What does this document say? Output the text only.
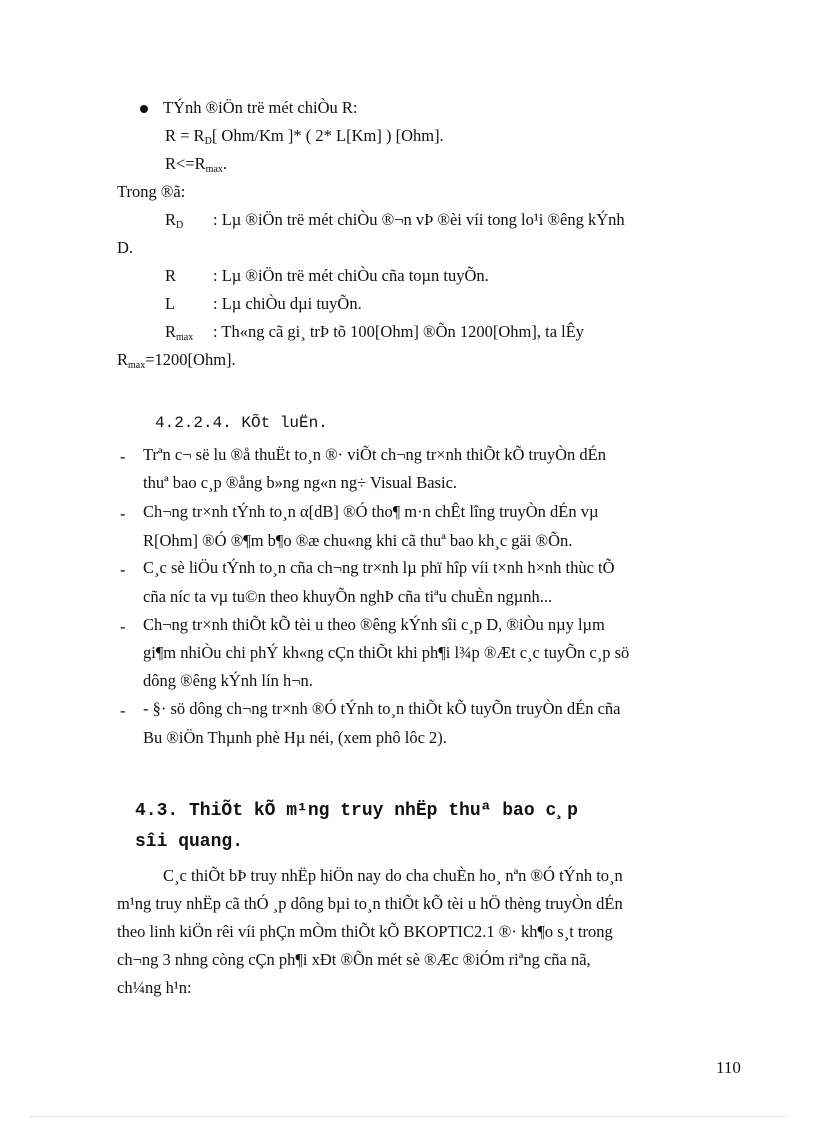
TÝnh ®iÖn trë mét chiÒu R:
$R = R_D$[ Ohm/Km ]* ( 2* L[Km] ) [Ohm].
$R<=R_{max}$.
Trong ®ã:
$R_D$ : Lµ ®iÖn trë mét chiÒu ®¬n vÞ ®èi víi tong lo¹i ®êng kÝnh
D.
R : Lµ ®iÖn trë mét chiÒu cña toµn tuyÕn.
L : Lµ chiÒu dµi tuyÕn.
$R_{max}$ : Th«ng cã gi¸ trÞ tõ 100[Ohm] ®Õn 1200[Ohm], ta lÊy
$R_{max}=1200[Ohm]$.
4.2.2.4. KÕt luËn.
- Trªn c¬ së lu ®å thuËt to¸n ®· viÕt ch¬ng tr×nh thiÕt kÕ truyÒn dÉn
thuª bao c¸p ®ång b»ng ng«n ng÷ Visual Basic.
- Ch¬ng tr×nh tÝnh to¸n α[dB] ®Ó tho¶ m·n chÊt lîng truyÒn dÉn vµ
R[Ohm] ®Ó ®¶m b¶o ®æ chu«ng khi cã thuª bao kh¸c gäi ®Õn.
- C¸c sè liÖu tÝnh to¸n cña ch¬ng tr×nh lµ phï hîp víi t×nh h×nh thùc tÕ
cña níc ta vµ tu©n theo khuyÕn nghÞ cña tiªu chuÈn ngµnh...
- Ch¬ng tr×nh thiÕt kÕ tèi u theo ®êng kÝnh sîi c¸p D, ®iÒu nµy lµm
gi¶m nhiÒu chi phÝ kh«ng cÇn thiÕt khi ph¶i l¾p ®Æt c¸c tuyÕn c¸p sö
dông ®êng kÝnh lín h¬n.
- - §· sö dông ch¬ng tr×nh ®Ó tÝnh to¸n thiÕt kÕ tuyÕn truyÒn dÉn cña
Bu ®iÖn Thµnh phè Hµ néi, (xem phô lôc 2).
4.3. ThiÕt kÕ m¹ng truy nhËp thuª bao c¸p
sîi quang.
C¸c thiÕt bÞ truy nhËp hiÖn nay do cha chuÈn ho¸ nªn ®Ó tÝnh to¸n
m¹ng truy nhËp cã thÓ ¸p dông bµi to¸n thiÕt kÕ tèi u hÖ thèng truyÒn dÉn
theo linh kiÖn rêi víi phÇn mÒm thiÕt kÕ BKOPTIC2.1 ®· kh¶o s¸t trong
ch¬ng 3 nhng còng cÇn ph¶i xÐt ®Õn mét sè ®Æc ®iÓm riªng cña nã,
ch¼ng h¹n:
110
